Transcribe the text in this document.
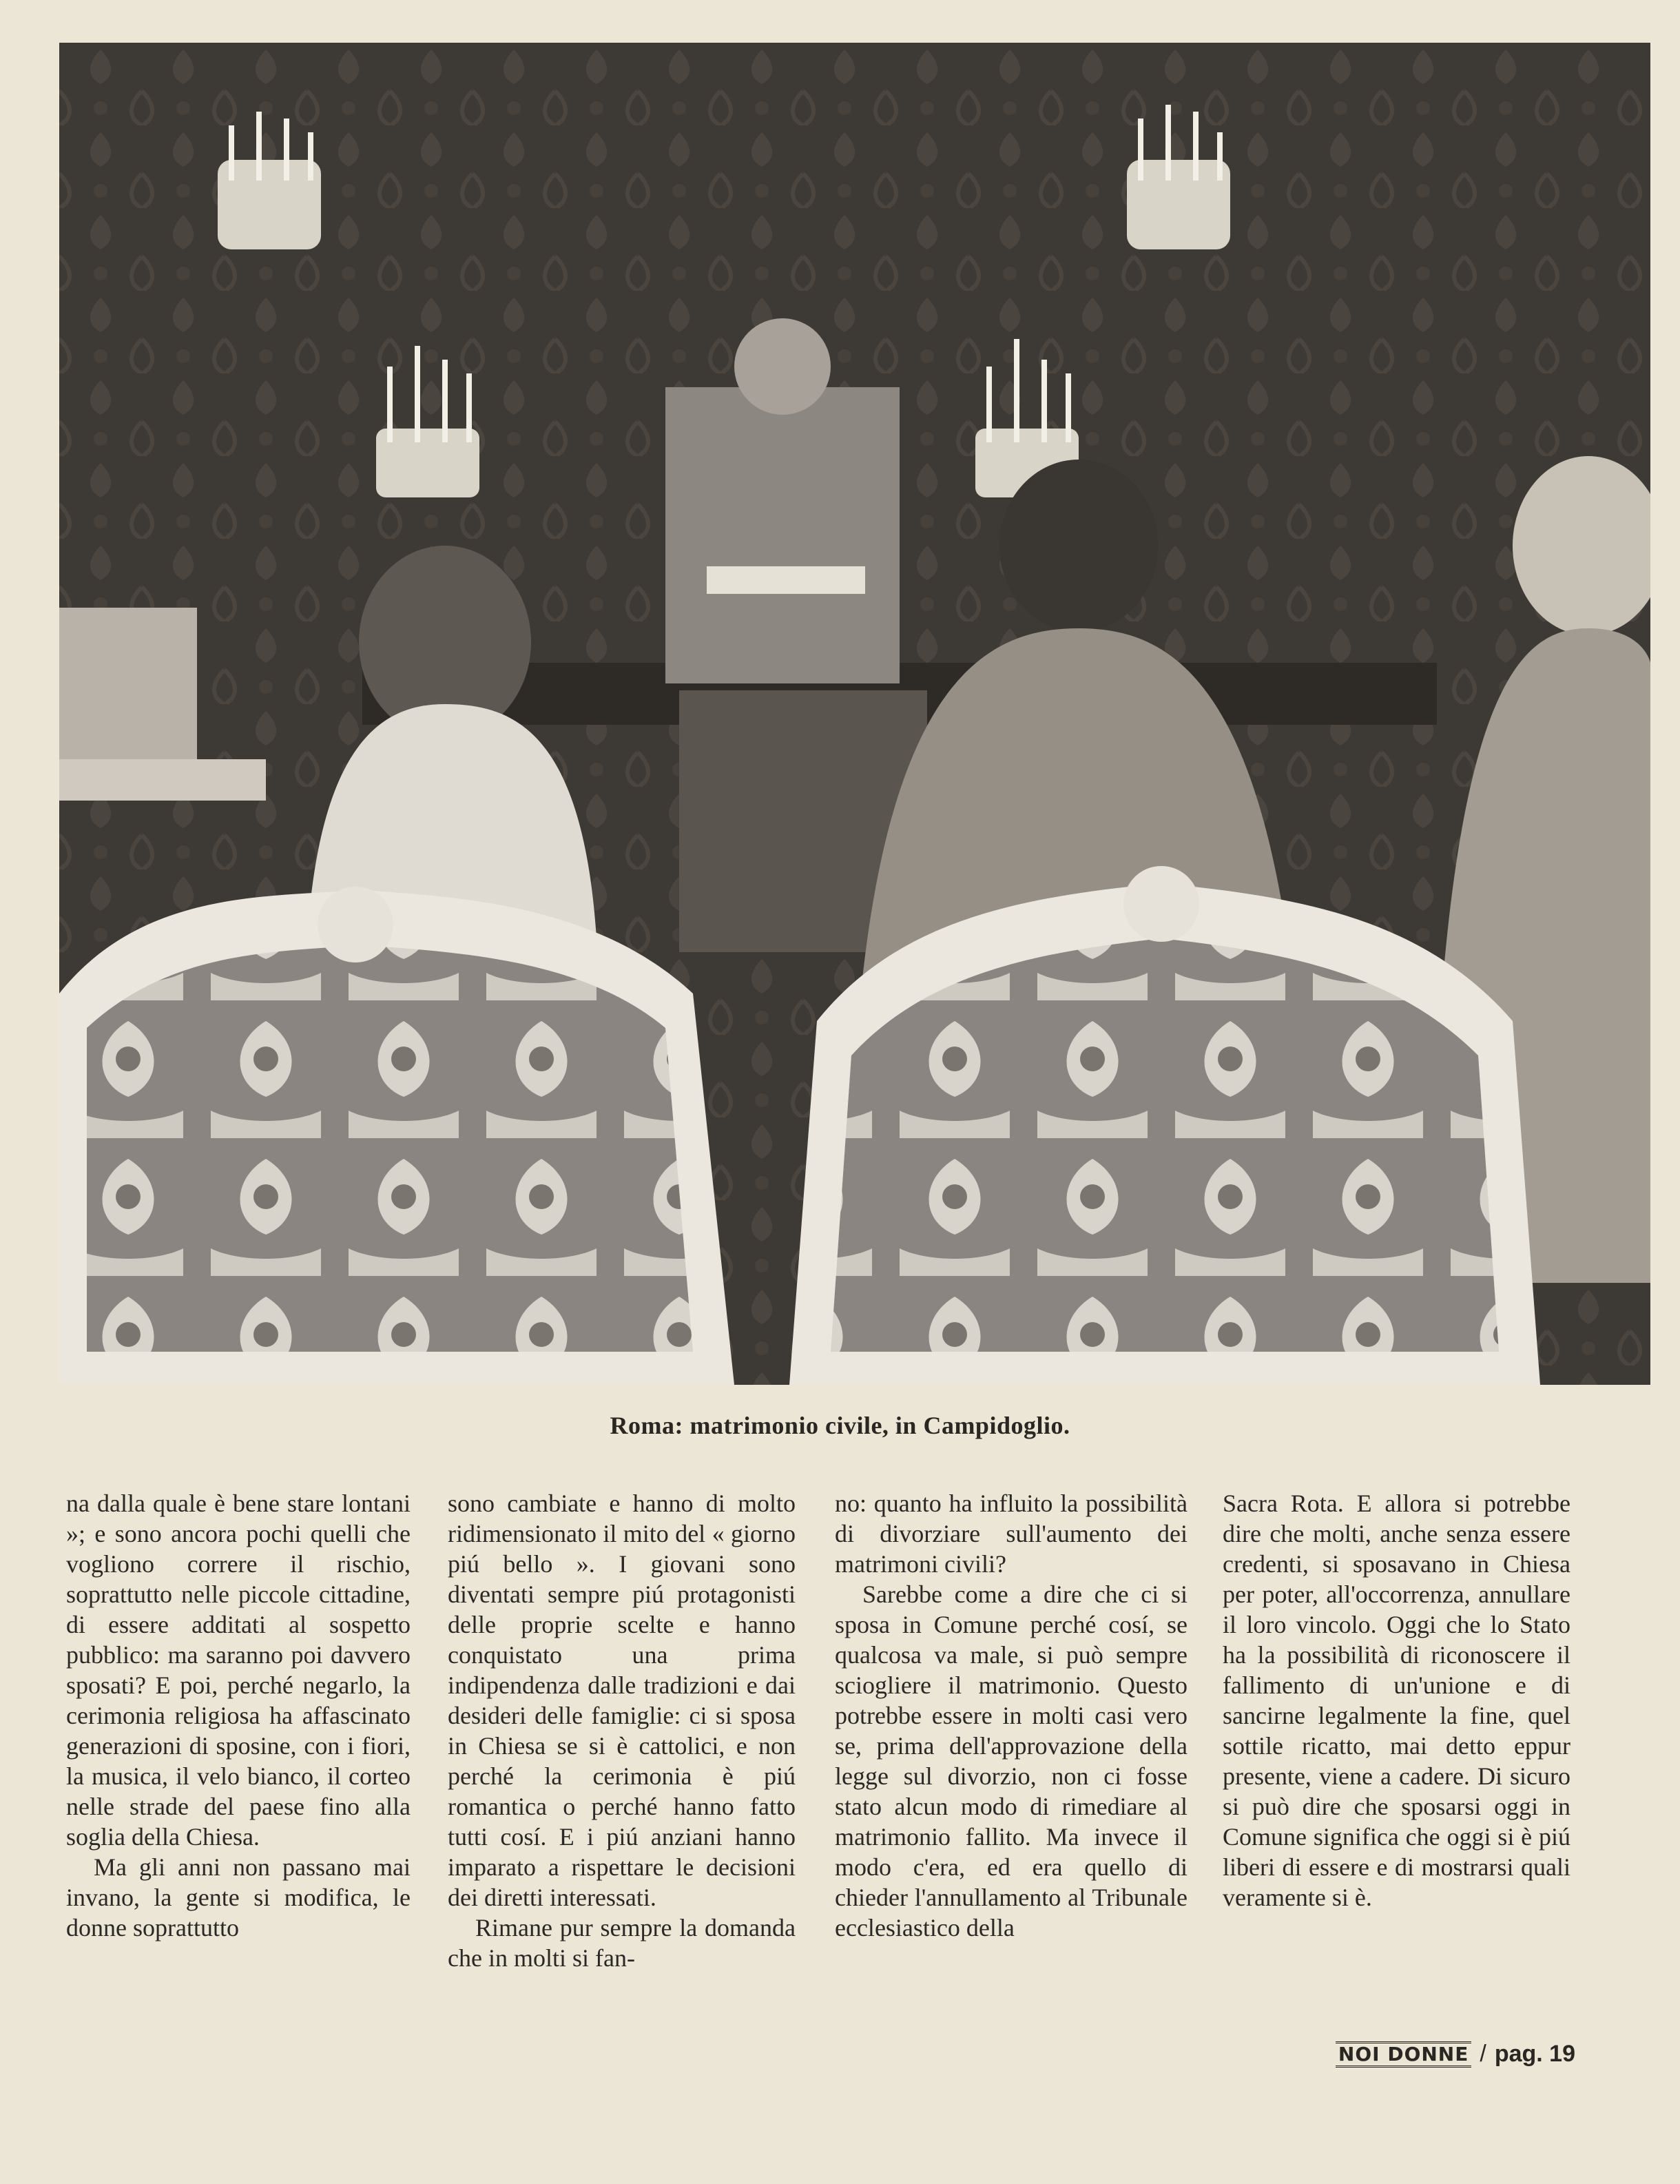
Roma: matrimonio civile, in Campidoglio.

na dalla quale è bene stare lontani »; e sono ancora pochi quelli che vogliono correre il rischio, soprattutto nelle piccole cittadine, di essere additati al sospetto pubblico: ma saranno poi davvero sposati? E poi, perché negarlo, la cerimonia religiosa ha affascinato generazioni di sposine, con i fiori, la musica, il velo bianco, il corteo nelle strade del paese fino alla soglia della Chiesa.

Ma gli anni non passano mai invano, la gente si modifica, le donne soprattutto

sono cambiate e hanno di molto ridimensionato il mito del « giorno piú bello ». I giovani sono diventati sempre piú protagonisti delle proprie scelte e hanno conquistato una prima indipendenza dalle tradizioni e dai desideri delle famiglie: ci si sposa in Chiesa se si è cattolici, e non perché la cerimonia è piú romantica o perché hanno fatto tutti cosí. E i piú anziani hanno imparato a rispettare le decisioni dei diretti interessati.

Rimane pur sempre la domanda che in molti si fan-

no: quanto ha influito la possibilità di divorziare sull'aumento dei matrimoni civili?

Sarebbe come a dire che ci si sposa in Comune perché cosí, se qualcosa va male, si può sempre sciogliere il matrimonio. Questo potrebbe essere in molti casi vero se, prima dell'approvazione della legge sul divorzio, non ci fosse stato alcun modo di rimediare al matrimonio fallito. Ma invece il modo c'era, ed era quello di chieder l'annullamento al Tribunale ecclesiastico della

Sacra Rota. E allora si potrebbe dire che molti, anche senza essere credenti, si sposavano in Chiesa per poter, all'occorrenza, annullare il loro vincolo. Oggi che lo Stato ha la possibilità di riconoscere il fallimento di un'unione e di sancirne legalmente la fine, quel sottile ricatto, mai detto eppur presente, viene a cadere. Di sicuro si può dire che sposarsi oggi in Comune significa che oggi si è piú liberi di essere e di mostrarsi quali veramente si è.

NOI DONNE / pag. 19
